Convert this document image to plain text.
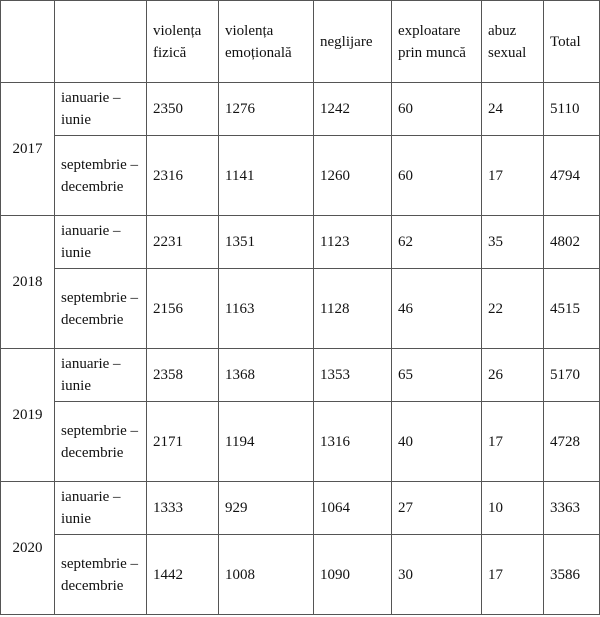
		violența fizică	violența emoțională	neglijare	exploatare prin muncă	abuz sexual	Total
2017	ianuarie – iunie	2350	1276	1242	60	24	5110
	septembrie – decembrie	2316	1141	1260	60	17	4794
2018	ianuarie – iunie	2231	1351	1123	62	35	4802
	septembrie – decembrie	2156	1163	1128	46	22	4515
2019	ianuarie – iunie	2358	1368	1353	65	26	5170
	septembrie – decembrie	2171	1194	1316	40	17	4728
2020	ianuarie – iunie	1333	929	1064	27	10	3363
	septembrie – decembrie	1442	1008	1090	30	17	3586
